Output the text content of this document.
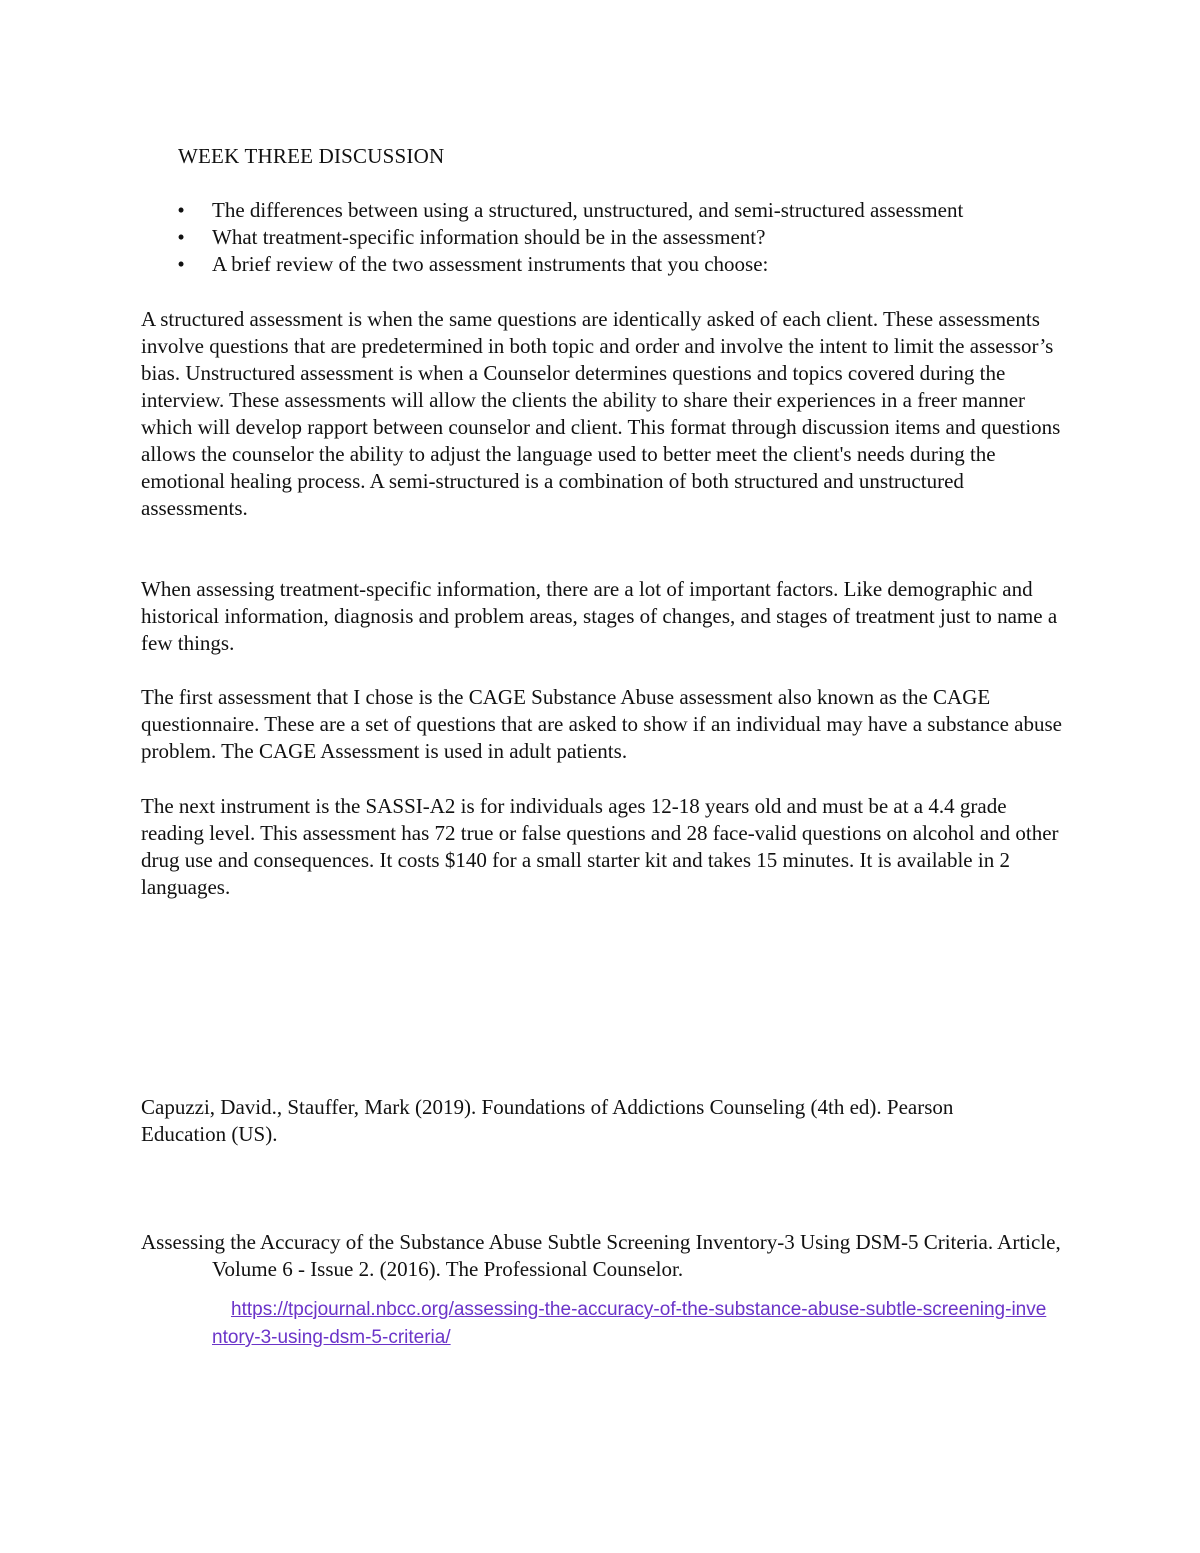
WEEK THREE DISCUSSION
• The differences between using a structured, unstructured, and semi-structured assessment
• What treatment-specific information should be in the assessment?
• A brief review of the two assessment instruments that you choose:

A structured assessment is when the same questions are identically asked of each client. These assessments involve questions that are predetermined in both topic and order and involve the intent to limit the assessor’s bias. Unstructured assessment is when a Counselor determines questions and topics covered during the interview. These assessments will allow the clients the ability to share their experiences in a freer manner which will develop rapport between counselor and client. This format through discussion items and questions allows the counselor the ability to adjust the language used to better meet the client's needs during the emotional healing process. A semi-structured is a combination of both structured and unstructured assessments.

When assessing treatment-specific information, there are a lot of important factors. Like demographic and historical information, diagnosis and problem areas, stages of changes, and stages of treatment just to name a few things.

The first assessment that I chose is the CAGE Substance Abuse assessment also known as the CAGE questionnaire. These are a set of questions that are asked to show if an individual may have a substance abuse problem. The CAGE Assessment is used in adult patients.

The next instrument is the SASSI-A2 is for individuals ages 12-18 years old and must be at a 4.4 grade reading level. This assessment has 72 true or false questions and 28 face-valid questions on alcohol and other drug use and consequences. It costs $140 for a small starter kit and takes 15 minutes. It is available in 2 languages.

Capuzzi, David., Stauffer, Mark (2019). Foundations of Addictions Counseling (4th ed). Pearson Education (US).

Assessing the Accuracy of the Substance Abuse Subtle Screening Inventory-3 Using DSM-5 Criteria. Article, Volume 6 - Issue 2. (2016). The Professional Counselor.

https://tpcjournal.nbcc.org/assessing-the-accuracy-of-the-substance-abuse-subtle-screening-inventory-3-using-dsm-5-criteria/
